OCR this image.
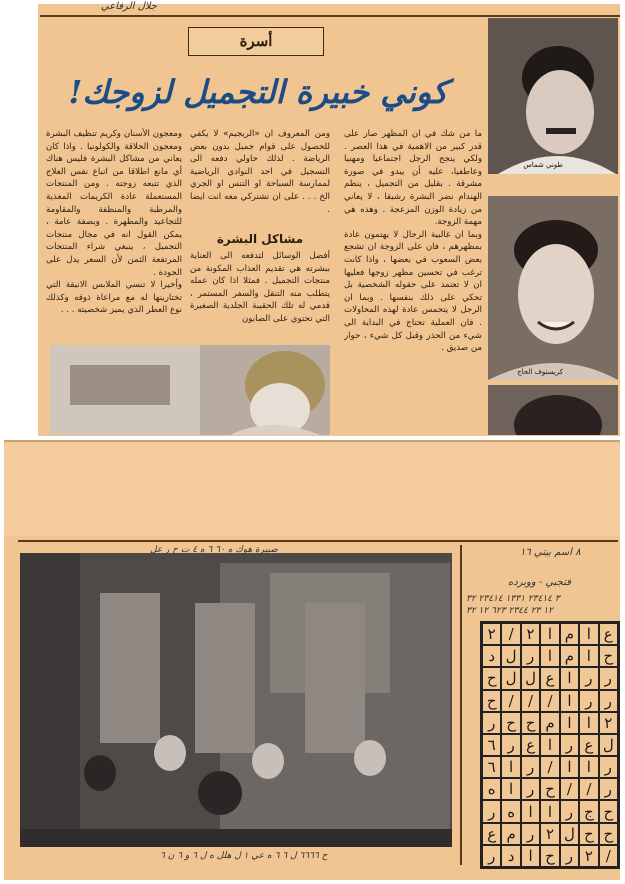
جلال الرفاعي
أسرة
كوني خبيرة التجميل لزوجك!
طوني شماس
كريستوف الحاج
ما من شك في ان المظهر صار على قدر كبير من الاهمية في هذا العصر . ولكي ينجح الرجل اجتماعيا ومهنيا وعاطفيا، عليه أن يبدو في صورة مشرقة . بقليل من التجميل ، ينظم الهندام نضر البشرة رشيقا ، لا يعاني من زيادة الوزن المزعجة . وهذه هي مهمة الزوجة.
وبما ان غالبية الرجال لا يهتمون عادة بمظهرهم ، فان على الزوجة ان تشجع بعض السعوب في بعضها ، واذا كانت ترغب في تحسين مظهر زوجها فعليها ان لا تعتمد على حقوله الشخصية بل تحكي على ذلك بنفسها . وبما ان الرجل لا يتحمس عادة لهذه المحاولات . فان العملية تحتاج في البداية الى شيء من الحذر وقبل كل شيء ، حوار من صديق .
ومن المعروف ان «الريجيم» لا يكفي للحصول على قوام جميل بدون بعض الرياضة . لذلك حاولي دفعه الى التسجيل في احد النوادي الرياضية لممارسة السباحة او التنس او الجري الخ . . . على ان تشتركي معه انت ايضا .
مشاكل البشرة
أفضل الوسائل لتدفعه الى العناية ببشرته هي تقديم العذاب المكونة من منتجات التجميل . فمثلا اذا كان عمله يتطلب منه التنقل والسفر المستمر ، قدمي له تلك الحقيبة الجلدية الصغيرة التي تحتوي على الصابون
ومعجون الأسنان وكريم تنظيف البشرة ومعجون الحلاقة والكولونيا . واذا كان يعاني من مشاكل البشرة فليس هناك أي مانع اطلاقا من اتباع نفس العلاج الذي تتبعه زوجته . ومن المنتجات المستعملة عادة الكريمات المغذية والمرطبة والمنظفة والمقاومة للتجاعيد والمطهرة . وبصفة عامة ، يمكن القول انه في مجال منتجات التجميل ، ينبغي شراء المنتجات المرتفعة الثمن لأن السعر يدل على الجودة .
وأخيرا لا تنسي الملابس الانيقة التي تختارينها له مع مراعاة ذوقه وكذلك نوع العطر الذي يميز شخصيته . . .
صبيرة هوك ه ٦٠ ٦ ه ٤ ت ح ر عل
ح ٦٦٦٦ ل ٦ ٦ ه عي ١ ل هلل ه ل ٦ و ٦ ن ٦
٨ اسم بيتي ١٦
فتجبي - ووبرده
٣ ٢٣٤١٤ ١٣٣١ ٢٣٤١٤ ٣٢
١٢ ٢٣ ٢٣٤٤ ٦٢٣ ١٢ ٣٢
٢ / ٢ ا م ا ع
د ل ر ا م ا ح
ح ل ل ع ا ر ر
ح / / / ا ر ر
ر ح ح م ا	ا ٢
٦ ر ع ا ر ع ل
٦ ا ر / ا	ا ر
ه ا ر ح / / ر
ر ه ا	ا ر ج ح
ع م ر ٢ ل ح ح
ر د ا ح ر ٢ /
